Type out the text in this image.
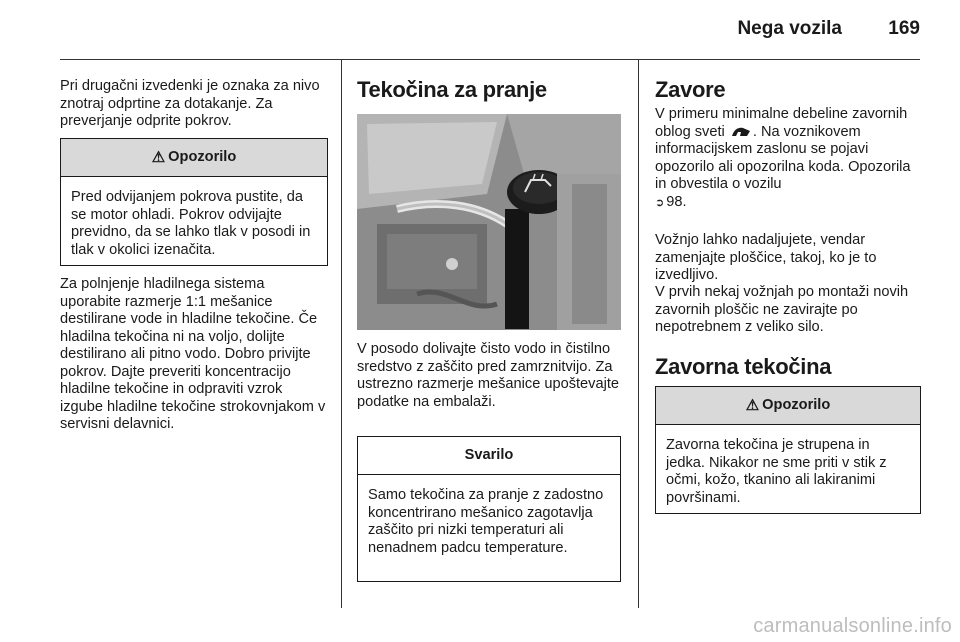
Nega vozila 169

Pri drugačni izvedenki je oznaka za nivo znotraj odprtine za dotakanje. Za preverjanje odprite pokrov.

⚠ Opozorilo
Pred odvijanjem pokrova pustite, da se motor ohladi. Pokrov odvijajte previdno, da se lahko tlak v posodi in tlak v okolici izenačita.

Za polnjenje hladilnega sistema uporabite razmerje 1:1 mešanice destilirane vode in hladilne tekočine. Če hladilna tekočina ni na voljo, dolijte destilirano ali pitno vodo. Dobro privijte pokrov. Dajte preveriti koncentracijo hladilne tekočine in odpraviti vzrok izgube hladilne tekočine strokovnjakom v servisni delavnici.

Tekočina za pranje

V posodo dolivajte čisto vodo in čistilno sredstvo z zaščito pred zamrznitvijo. Za ustrezno razmerje mešanice upoštevajte podatke na embalaži.

Svarilo
Samo tekočina za pranje z zadostno koncentrirano mešanico zagotavlja zaščito pri nizki temperaturi ali nenadnem padcu temperature.
Zavore

V primeru minimalne debeline zavornih oblog sveti . Na voznikovem informacijskem zaslonu se pojavi opozorilo ali opozorilna koda. Opozorila in obvestila o vozilu
➲ 98.

Vožnjo lahko nadaljujete, vendar zamenjajte ploščice, takoj, ko je to izvedljivo.

V prvih nekaj vožnjah po montaži novih zavornih ploščic ne zavirajte po nepotrebnem z veliko silo.

Zavorna tekočina
⚠ Opozorilo
Zavorna tekočina je strupena in jedka. Nikakor ne sme priti v stik z očmi, kožo, tkanino ali lakiranimi površinami.
carmanualsonline.info
